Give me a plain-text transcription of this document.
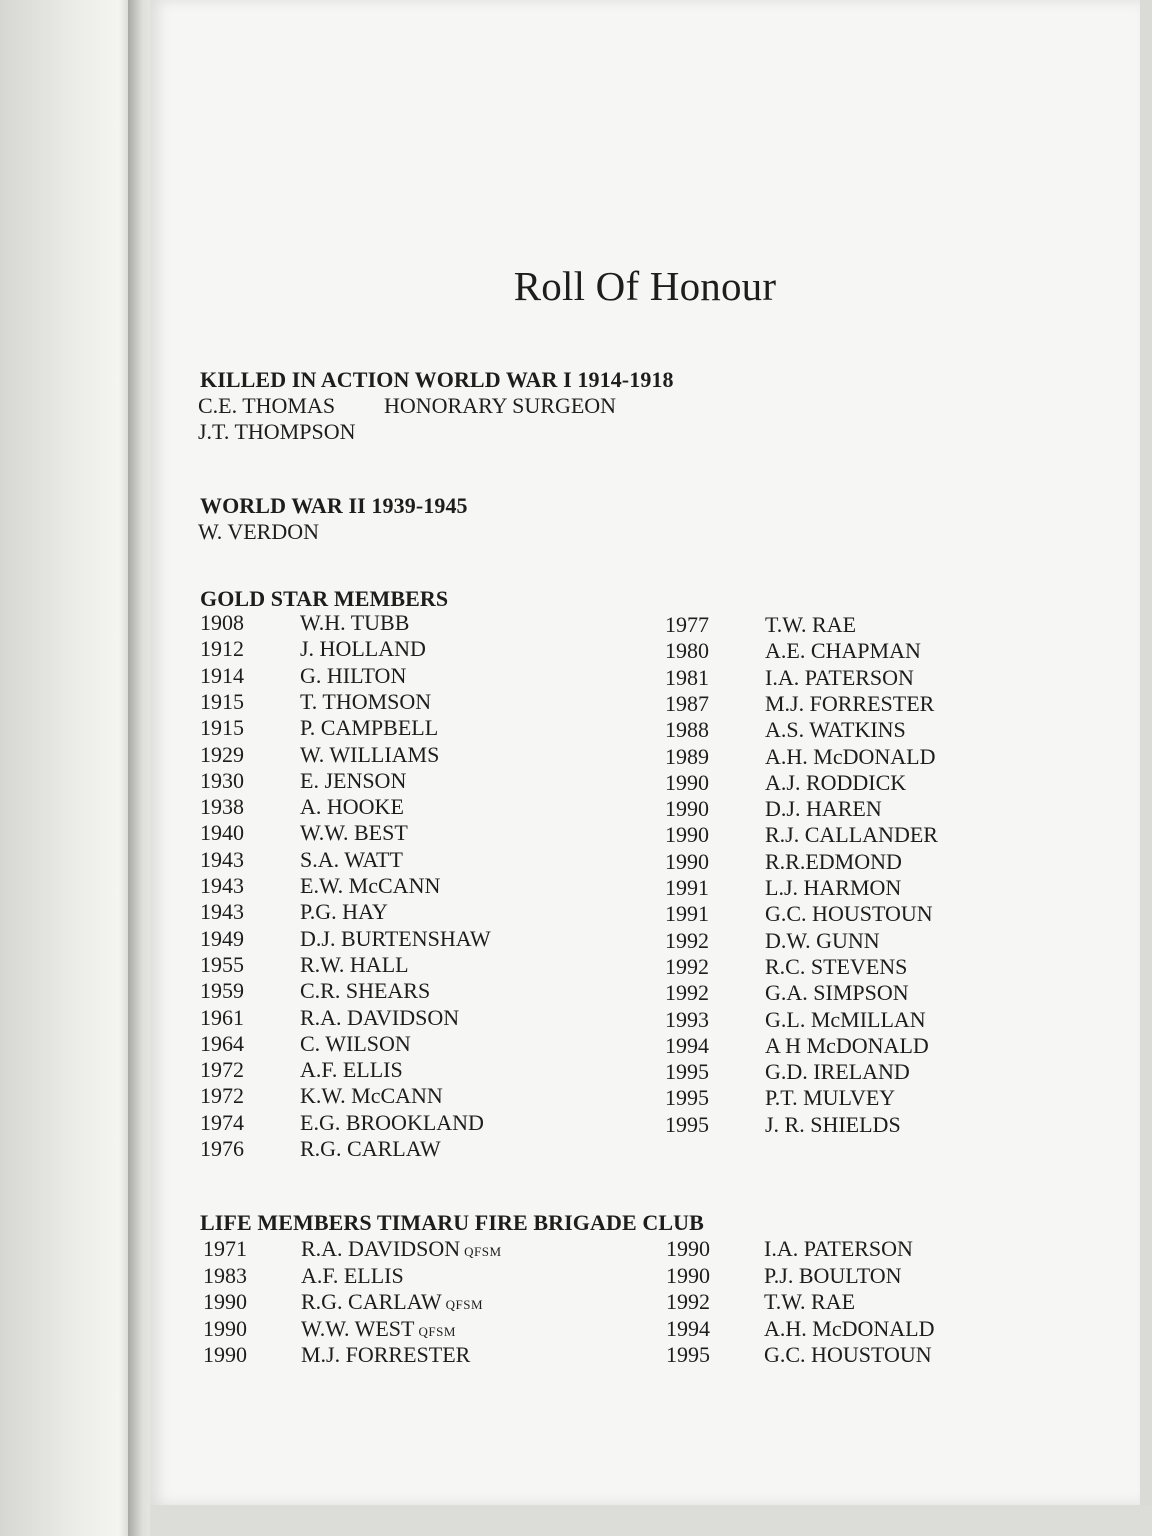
Roll Of Honour
KILLED IN ACTION WORLD WAR I 1914-1918
C.E. THOMAS HONORARY SURGEON
J.T. THOMPSON
WORLD WAR II 1939-1945
W. VERDON
GOLD STAR MEMBERS
1908	W.H. TUBB
1912	J. HOLLAND
1914	G. HILTON
1915	T. THOMSON
1915	P. CAMPBELL
1929	W. WILLIAMS
1930	E. JENSON
1938	A. HOOKE
1940	W.W. BEST
1943	S.A. WATT
1943	E.W. McCANN
1943	P.G. HAY
1949	D.J. BURTENSHAW
1955	R.W. HALL
1959	C.R. SHEARS
1961	R.A. DAVIDSON
1964	C. WILSON
1972	A.F. ELLIS
1972	K.W. McCANN
1974	E.G. BROOKLAND
1976	R.G. CARLAW
1977	T.W. RAE
1980	A.E. CHAPMAN
1981	I.A. PATERSON
1987	M.J. FORRESTER
1988	A.S. WATKINS
1989	A.H. McDONALD
1990	A.J. RODDICK
1990	D.J. HAREN
1990	R.J. CALLANDER
1990	R.R.EDMOND
1991	L.J. HARMON
1991	G.C. HOUSTOUN
1992	D.W. GUNN
1992	R.C. STEVENS
1992	G.A. SIMPSON
1993	G.L. McMILLAN
1994	A H McDONALD
1995	G.D. IRELAND
1995	P.T. MULVEY
1995	J. R. SHIELDS
LIFE MEMBERS TIMARU FIRE BRIGADE CLUB
1971 R.A. DAVIDSON QFSM
1983 A.F. ELLIS
1990 R.G. CARLAW QFSM
1990 W.W. WEST QFSM
1990 M.J. FORRESTER
1990 I.A. PATERSON
1990 P.J. BOULTON
1992 T.W. RAE
1994 A.H. McDONALD
1995 G.C. HOUSTOUN
